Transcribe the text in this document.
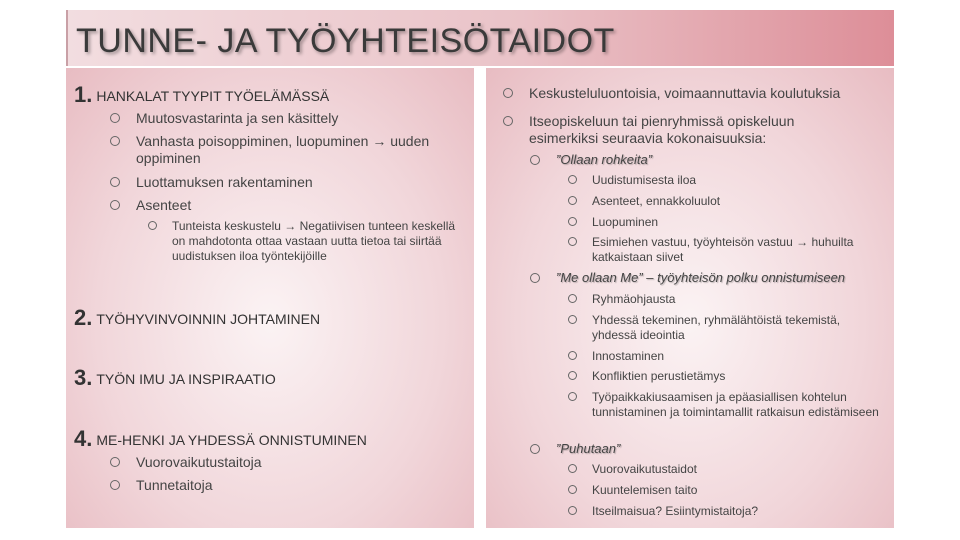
TUNNE- JA TYÖYHTEISÖTAIDOT
1. HANKALAT TYYPIT TYÖELÄMÄSSÄ
Muutosvastarinta ja sen käsittely
Vanhasta poisoppiminen, luopuminen → uuden oppiminen
Luottamuksen rakentaminen
Asenteet
Tunteista keskustelu → Negatiivisen tunteen keskellä on mahdotonta ottaa vastaan uutta tietoa tai siirtää uudistuksen iloa työntekijöille
2. TYÖHYVINVOINNIN JOHTAMINEN
3. TYÖN IMU JA INSPIRAATIO
4. ME-HENKI JA YHDESSÄ ONNISTUMINEN
Vuorovaikutustaitoja
Tunnetaitoja
Keskusteluluontoisia, voimaannuttavia koulutuksia
Itseopiskeluun tai pienryhmissä opiskeluun esimerkiksi seuraavia kokonaisuuksia:
”Ollaan rohkeita”
Uudistumisesta iloa
Asenteet, ennakkoluulot
Luopuminen
Esimiehen vastuu, työyhteisön vastuu → huhuilta katkaistaan siivet
”Me ollaan Me” – työyhteisön polku onnistumiseen
Ryhmäohjausta
Yhdessä tekeminen, ryhmälähtöistä tekemistä, yhdessä ideointia
Innostaminen
Konfliktien perustietämys
Työpaikkakiusaamisen ja epäasiallisen kohtelun tunnistaminen ja toimintamallit ratkaisun edistämiseen
”Puhutaan”
Vuorovaikutustaidot
Kuuntelemisen taito
Itseilmaisua? Esiintymistaitoja?
